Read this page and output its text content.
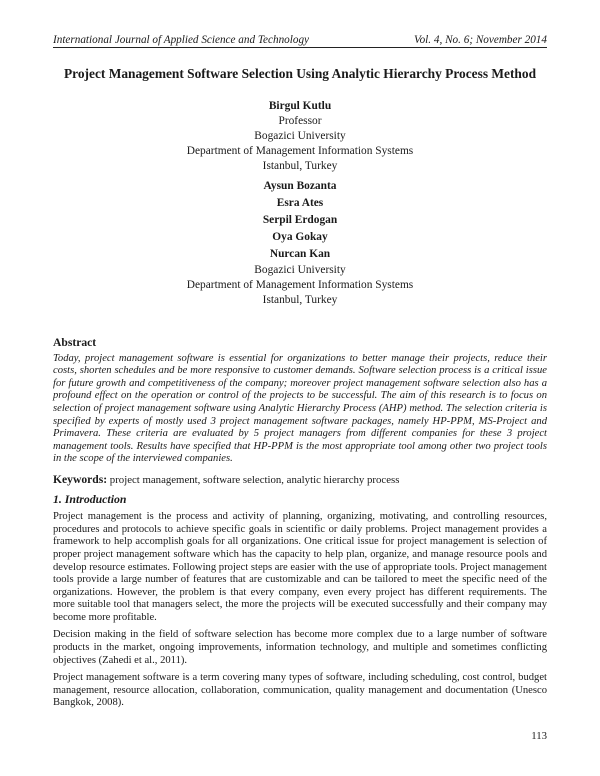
International Journal of Applied Science and Technology	Vol. 4, No. 6; November 2014
Project Management Software Selection Using Analytic Hierarchy Process Method
Birgul Kutlu
Professor
Bogazici University
Department of Management Information Systems
Istanbul, Turkey
Aysun Bozanta
Esra Ates
Serpil Erdogan
Oya Gokay
Nurcan Kan
Bogazici University
Department of Management Information Systems
Istanbul, Turkey
Abstract

Today, project management software is essential for organizations to better manage their projects, reduce their costs, shorten schedules and be more responsive to customer demands. Software selection process is a critical issue for future growth and competitiveness of the company; moreover project management software selection also has a profound effect on the operation or control of the projects to be successful. The aim of this research is to focus on selection of project management software using Analytic Hierarchy Process (AHP) method. The selection criteria is specified by experts of mostly used 3 project management software packages, namely HP-PPM, MS-Project and Primavera. These criteria are evaluated by 5 project managers from different companies for these 3 project management tools. Results have specified that HP-PPM is the most appropriate tool among other two project tools in the scope of the interviewed companies.

Keywords: project management, software selection, analytic hierarchy process

1. Introduction

Project management is the process and activity of planning, organizing, motivating, and controlling resources, procedures and protocols to achieve specific goals in scientific or daily problems. Project management provides a framework to help accomplish goals for all organizations. One critical issue for project management is selection of proper project management software which has the capacity to help plan, organize, and manage resource pools and develop resource estimates. Following project steps are easier with the use of appropriate tools. Project management tools provide a large number of features that are customizable and can be tailored to meet the specific need of the organizations. However, the problem is that every company, even every project has different requirements. The more suitable tool that managers select, the more the projects will be executed successfully and their company may become more profitable.

Decision making in the field of software selection has become more complex due to a large number of software products in the market, ongoing improvements, information technology, and multiple and sometimes conflicting objectives (Zahedi et al., 2011).

Project management software is a term covering many types of software, including scheduling, cost control, budget management, resource allocation, collaboration, communication, quality management and documentation (Unesco Bangkok, 2008).

113
